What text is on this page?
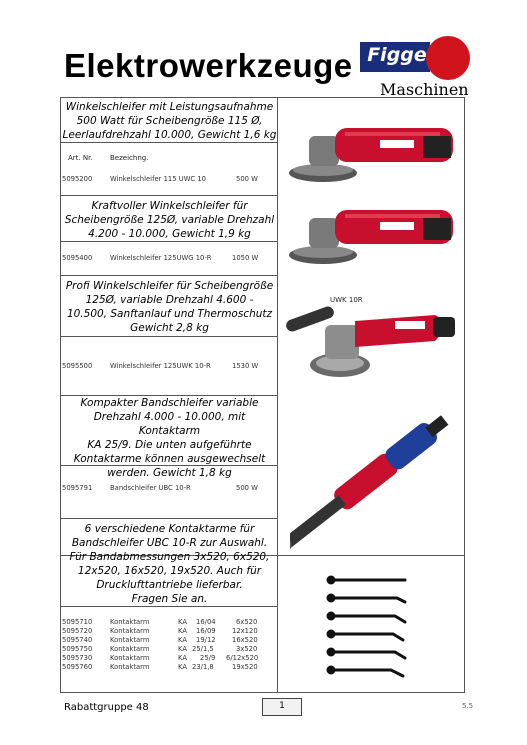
Elektrowerkzeuge Figge
Maschinen
Winkelschleifer mit Leistungsaufnahme
500 Watt für Scheibengröße 115 Ø,
Leerlaufdrehzahl 10.000, Gewicht 1,6 kg
Art. Nr. Bezeichng.
5095200	Winkelschleifer 115 UWC 10	500 W
Kraftvoller Winkelschleifer für
Scheibengröße 125Ø, variable Drehzahl
4.200 - 10.000, Gewicht 1,9 kg
5095400	Winkelschleifer 125UWG 10-R	1050 W
Profi Winkelschleifer für Scheibengröße
125Ø, variable Drehzahl 4.600 -
10.500, Sanftanlauf und Thermoschutz
Gewicht 2,8 kg
5095500	Winkelschleifer 125UWK 10-R	1530 W
Kompakter Bandschleifer variable
Drehzahl 4.000 - 10.000, mit Kontaktarm
KA 25/9. Die unten aufgeführte
Kontaktarme können ausgewechselt
werden. Gewicht 1,8 kg
5095791	Bandschleifer UBC 10-R	500 W
6 verschiedene Kontaktarme für
Bandschleifer UBC 10-R zur Auswahl.
Für Bandabmessungen 3x520, 6x520,
12x520, 16x520, 19x520. Auch für
Drucklufttantriebe lieferbar.
Fragen Sie an.
5095710	Kontaktarm	KA 16/04	6x520
5095720	Kontaktarm	KA 16/09 12x120
5095740	Kontaktarm	KA 19/12 16x520
5095750	Kontaktarm	KA 25/1,5	3x520
5095730	Kontaktarm	KA 25/9 6/12x520
5095760	Kontaktarm	KA 23/1,8	19x520
UWK 10R
Rabattgruppe 48	1	5.5
